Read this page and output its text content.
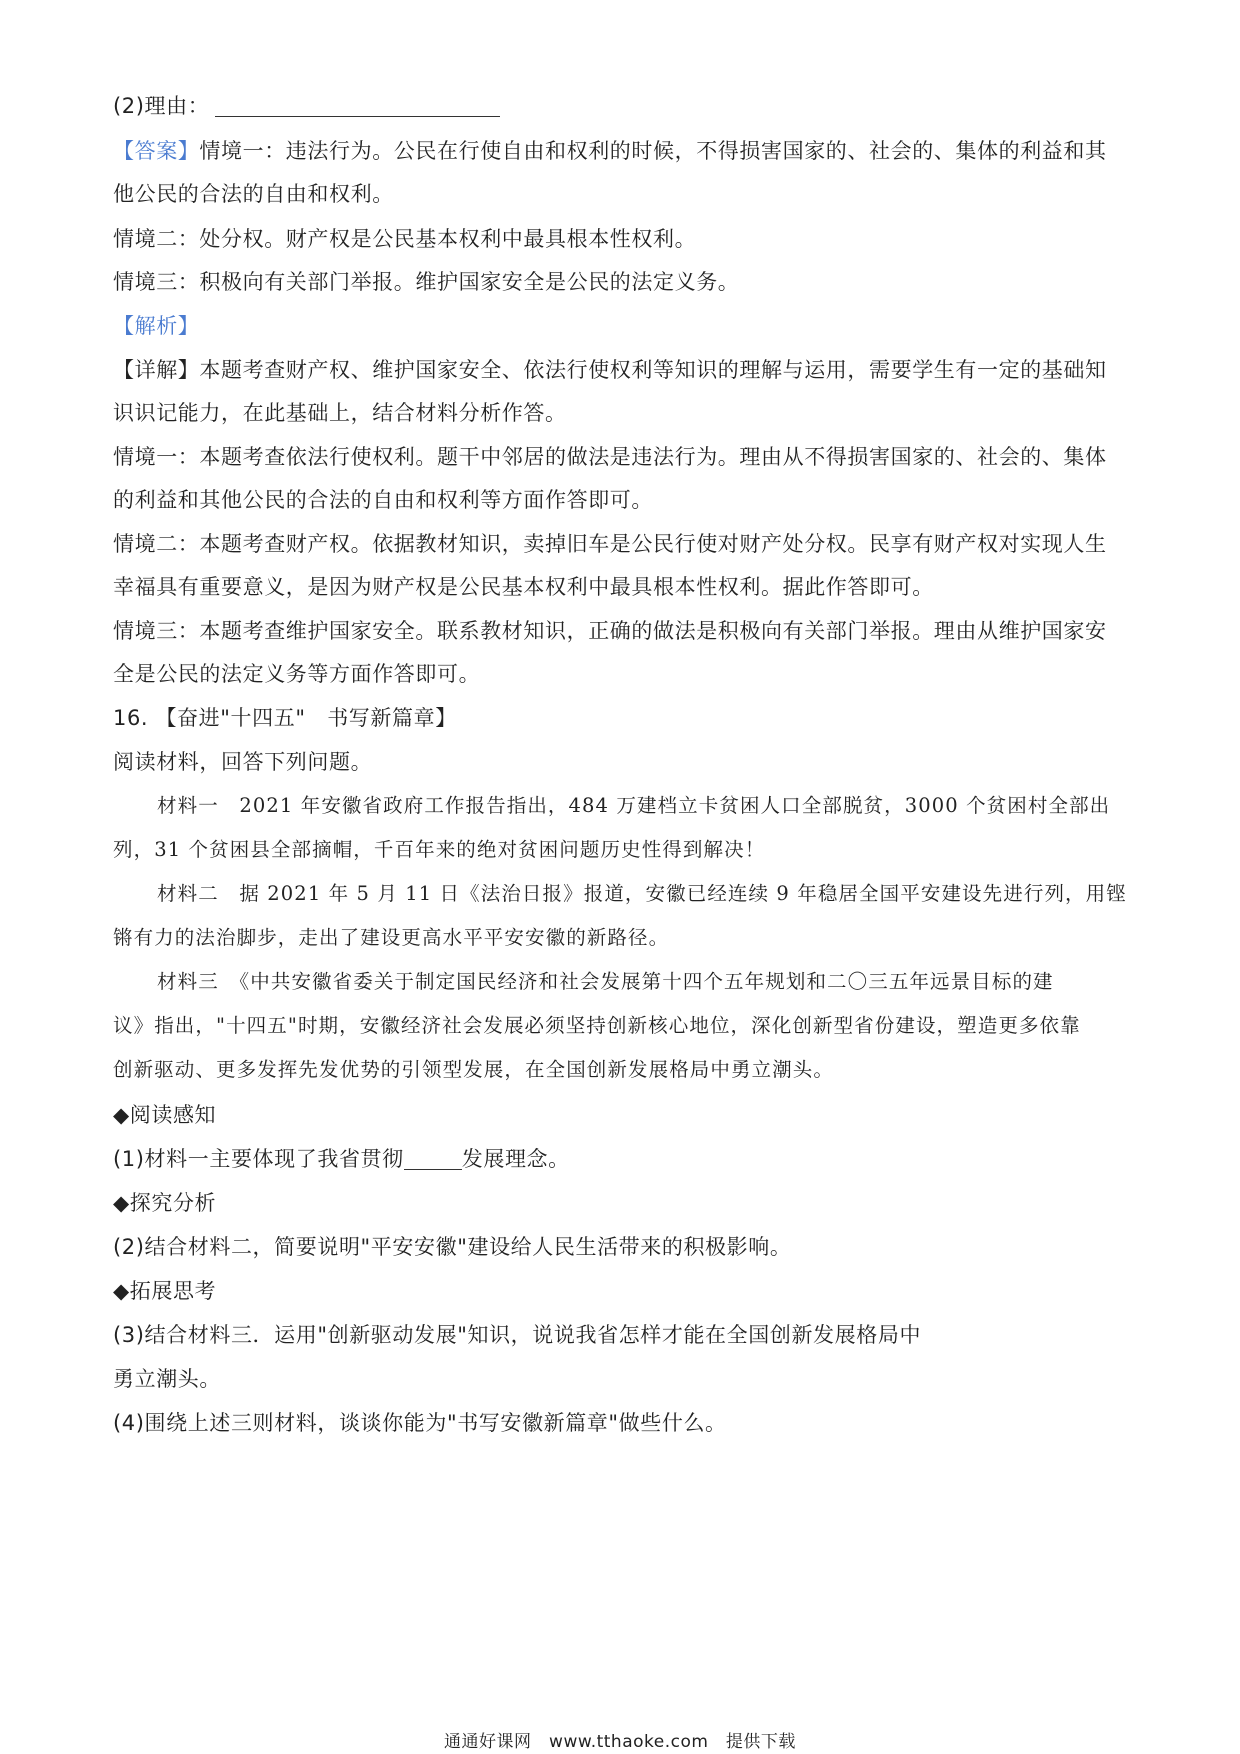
(2)理由：
【答案】情境一：违法行为。公民在行使自由和权利的时候，不得损害国家的、社会的、集体的利益和其
他公民的合法的自由和权利。
情境二：处分权。财产权是公民基本权利中最具根本性权利。
情境三：积极向有关部门举报。维护国家安全是公民的法定义务。
【解析】
【详解】本题考查财产权、维护国家安全、依法行使权利等知识的理解与运用，需要学生有一定的基础知
识识记能力，在此基础上，结合材料分析作答。
情境一：本题考查依法行使权利。题干中邻居的做法是违法行为。理由从不得损害国家的、社会的、集体
的利益和其他公民的合法的自由和权利等方面作答即可。
情境二：本题考查财产权。依据教材知识，卖掉旧车是公民行使对财产处分权。民享有财产权对实现人生
幸福具有重要意义，是因为财产权是公民基本权利中最具根本性权利。据此作答即可。
情境三：本题考查维护国家安全。联系教材知识，正确的做法是积极向有关部门举报。理由从维护国家安
全是公民的法定义务等方面作答即可。
16. 【奋进"十四五"　书写新篇章】
阅读材料，回答下列问题。
材料一　2021 年安徽省政府工作报告指出，484 万建档立卡贫困人口全部脱贫，3000 个贫困村全部出
列，31 个贫困县全部摘帽，千百年来的绝对贫困问题历史性得到解决！
材料二　据 2021 年 5 月 11 日《法治日报》报道，安徽已经连续 9 年稳居全国平安建设先进行列，用铿
锵有力的法治脚步，走出了建设更高水平平安安徽的新路径。
材料三　《中共安徽省委关于制定国民经济和社会发展第十四个五年规划和二〇三五年远景目标的建
议》指出，"十四五"时期，安徽经济社会发展必须坚持创新核心地位，深化创新型省份建设，塑造更多依靠
创新驱动、更多发挥先发优势的引领型发展，在全国创新发展格局中勇立潮头。
◆阅读感知
(1)材料一主要体现了我省贯彻	发展理念。
◆探究分析
(2)结合材料二，简要说明"平安安徽"建设给人民生活带来的积极影响。
◆拓展思考
(3)结合材料三．运用"创新驱动发展"知识，说说我省怎样才能在全国创新发展格局中
勇立潮头。
(4)围绕上述三则材料，谈谈你能为"书写安徽新篇章"做些什么。
通通好课网　www.tthaoke.com　提供下载
